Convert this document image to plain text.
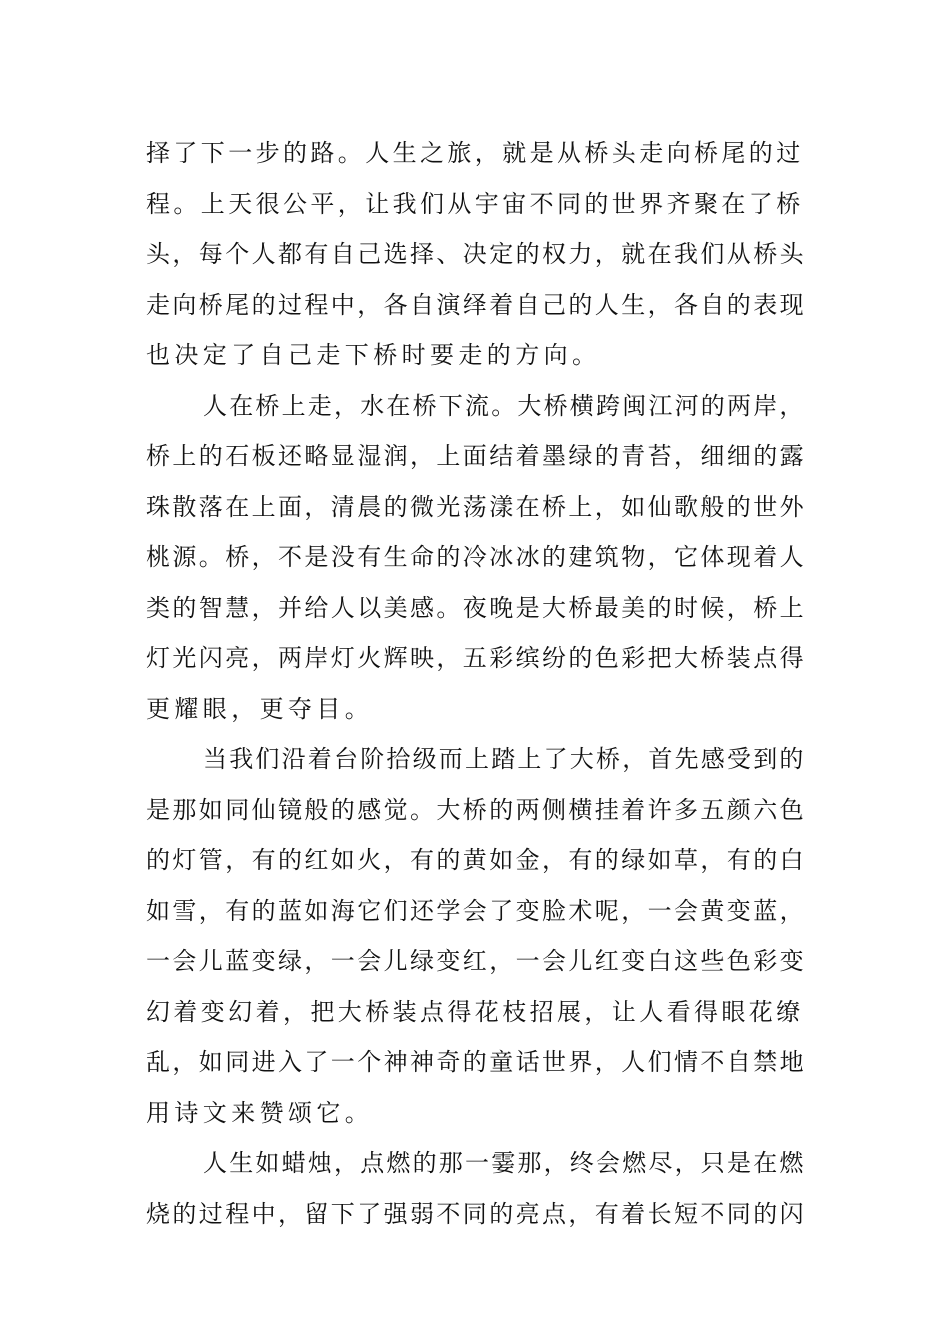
择了下一步的路。人生之旅，就是从桥头走向桥尾的过
程。上天很公平，让我们从宇宙不同的世界齐聚在了桥
头，每个人都有自己选择、决定的权力，就在我们从桥头
走向桥尾的过程中，各自演绎着自己的人生，各自的表现
也决定了自己走下桥时要走的方向。
人在桥上走，水在桥下流。大桥横跨闽江河的两岸，
桥上的石板还略显湿润，上面结着墨绿的青苔，细细的露
珠散落在上面，清晨的微光荡漾在桥上，如仙歌般的世外
桃源。桥，不是没有生命的冷冰冰的建筑物，它体现着人
类的智慧，并给人以美感。夜晚是大桥最美的时候，桥上
灯光闪亮，两岸灯火辉映，五彩缤纷的色彩把大桥装点得
更耀眼，更夺目。
当我们沿着台阶拾级而上踏上了大桥，首先感受到的
是那如同仙镜般的感觉。大桥的两侧横挂着许多五颜六色
的灯管，有的红如火，有的黄如金，有的绿如草，有的白
如雪，有的蓝如海它们还学会了变脸术呢，一会黄变蓝，
一会儿蓝变绿，一会儿绿变红，一会儿红变白这些色彩变
幻着变幻着，把大桥装点得花枝招展，让人看得眼花缭
乱，如同进入了一个神神奇的童话世界，人们情不自禁地
用诗文来赞颂它。
人生如蜡烛，点燃的那一霎那，终会燃尽，只是在燃
烧的过程中，留下了强弱不同的亮点，有着长短不同的闪
